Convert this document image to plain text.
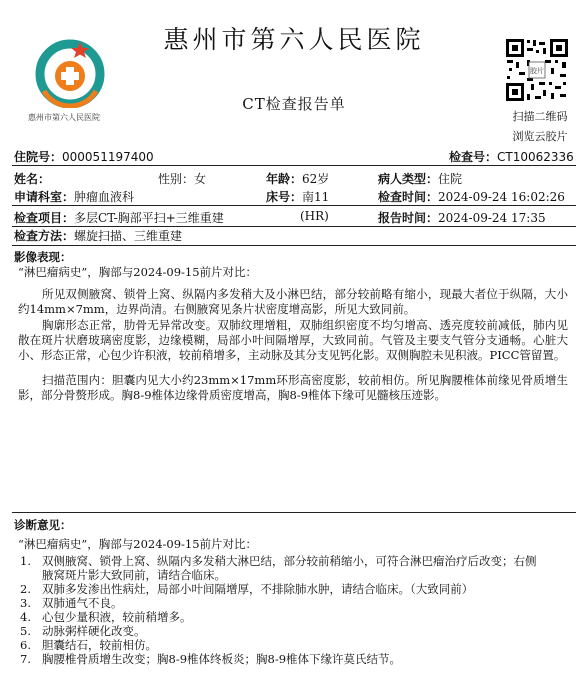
惠州市第六人民医院
CT检查报告单
惠州市第六人民医院
胶片
扫描二维码
浏览云胶片
住院号：000051197400	检查号：CT10062336
姓名：	性别：女	年龄：62岁	病人类型：住院
申请科室：肿瘤血液科	床号：南11	检查时间：2024-09-24 16:02:26
检查项目：多层CT-胸部平扫+三维重建	(HR)	报告时间：2024-09-24 17:35
检查方法：螺旋扫描、三维重建
影像表现：
“淋巴瘤病史”，胸部与2024-09-15前片对比：
所见双侧腋窝、锁骨上窝、纵隔内多发稍大及小淋巴结，部分较前略有缩小，现最大者位于纵隔，大小约14mm×7mm，边界尚清。右侧腋窝见条片状密度增高影，所见大致同前。
胸廓形态正常，肋骨无异常改变。双肺纹理增粗，双肺组织密度不均匀增高、透亮度较前减低，肺内见散在斑片状磨玻璃密度影，边缘模糊，局部小叶间隔增厚，大致同前。气管及主要支气管分支通畅。心脏大小、形态正常，心包少许积液，较前稍增多，主动脉及其分支见钙化影。双侧胸腔未见积液。PICC管留置。
扫描范围内：胆囊内见大小约23mm×17mm环形高密度影，较前相仿。所见胸腰椎体前缘见骨质增生影，部分骨赘形成。胸8-9椎体边缘骨质密度增高，胸8-9椎体下缘可见髓核压迹影。
诊断意见：
“淋巴瘤病史”，胸部与2024-09-15前片对比：
1. 双侧腋窝、锁骨上窝、纵隔内多发稍大淋巴结，部分较前稍缩小，可符合淋巴瘤治疗后改变；右侧腋窝斑片影大致同前，请结合临床。
2. 双肺多发渗出性病灶，局部小叶间隔增厚，不排除肺水肿，请结合临床。（大致同前）
3. 双肺通气不良。
4. 心包少量积液，较前稍增多。
5. 动脉粥样硬化改变。
6. 胆囊结石，较前相仿。
7. 胸腰椎骨质增生改变；胸8-9椎体终板炎；胸8-9椎体下缘许莫氏结节。
